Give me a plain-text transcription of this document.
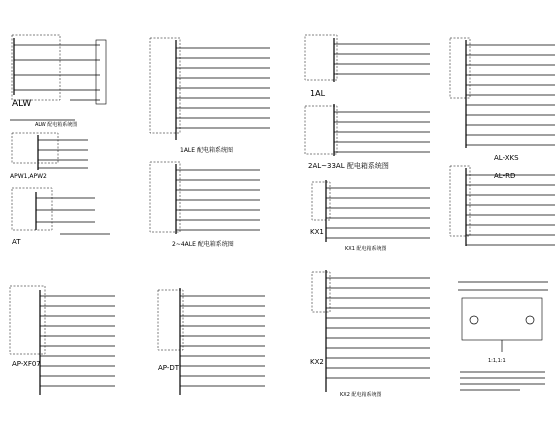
ALW
ALW 配电箱系统图
APW1,APW2
AT
AP-XF07
1ALE 配电箱系统图
2~4ALE 配电箱系统图
AP-DT
1AL
2AL~33AL 配电箱系统图
KX1
KX1 配电箱系统图
KX2
KX2 配电箱系统图
AL-XKS
AL-RD
1:1,1:1
